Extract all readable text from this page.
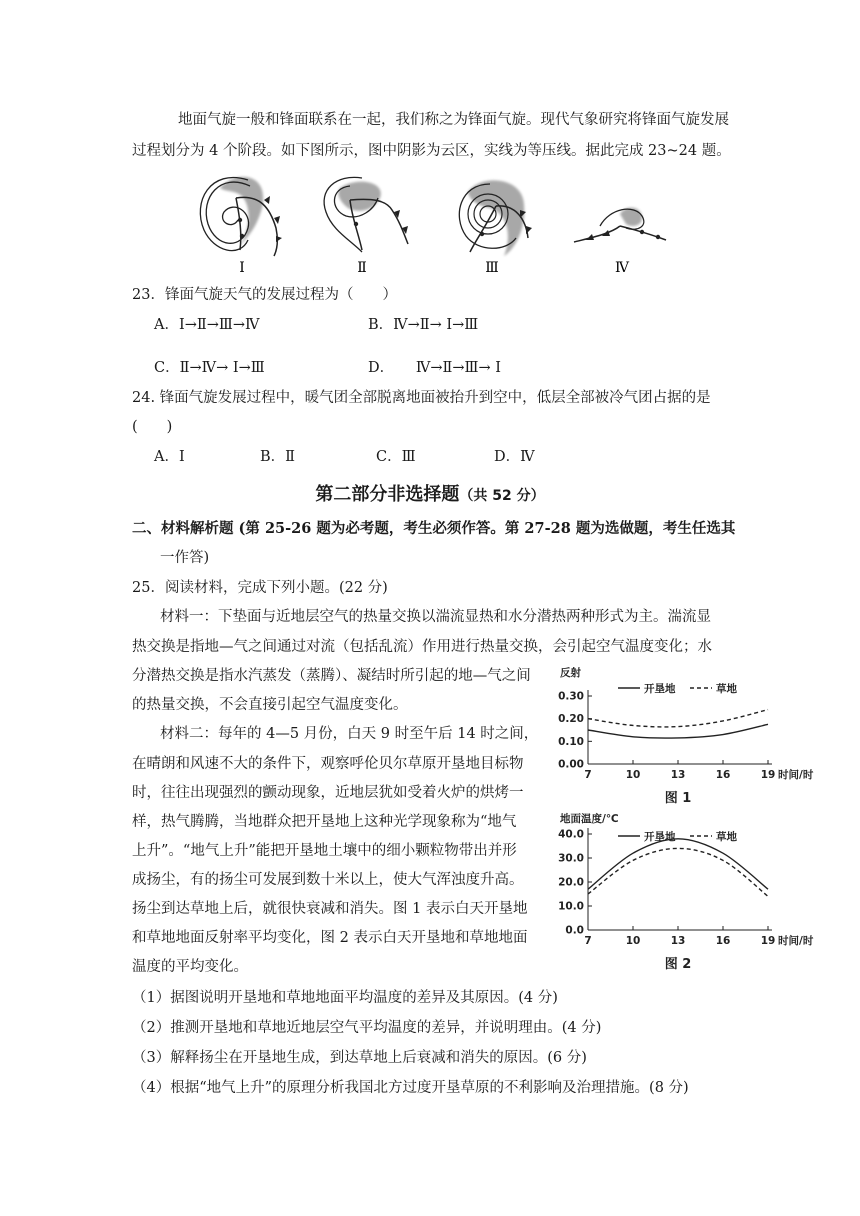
地面气旋一般和锋面联系在一起，我们称之为锋面气旋。现代气象研究将锋面气旋发展
过程划分为 4 个阶段。如下图所示，图中阴影为云区，实线为等压线。据此完成 23~24 题。
Ⅰ	Ⅱ	Ⅲ	Ⅳ
23．锋面气旋天气的发展过程为（　　）
A．Ⅰ→Ⅱ→Ⅲ→Ⅳ	B．Ⅳ→Ⅱ→ Ⅰ→Ⅲ
C．Ⅱ→Ⅳ→ Ⅰ→Ⅲ	D．　　Ⅳ→Ⅱ→Ⅲ→ Ⅰ
24. 锋面气旋发展过程中，暖气团全部脱离地面被抬升到空中，低层全部被冷气团占据的是
(　　)
A．Ⅰ	B．Ⅱ	C．Ⅲ	D．Ⅳ
第二部分非选择题（共 52 分）
二、材料解析题 (第 25-26 题为必考题，考生必须作答。第 27-28 题为选做题，考生任选其
一作答)
25．阅读材料，完成下列小题。(22 分)
材料一：下垫面与近地层空气的热量交换以湍流显热和水分潜热两种形式为主。湍流显
热交换是指地—气之间通过对流（包括乱流）作用进行热量交换，会引起空气温度变化；水
分潜热交换是指水汽蒸发（蒸腾）、凝结时所引起的地—气之间
的热量交换，不会直接引起空气温度变化。
材料二：每年的 4—5 月份，白天 9 时至午后 14 时之间，
在晴朗和风速不大的条件下，观察呼伦贝尔草原开垦地目标物
时，往往出现强烈的颤动现象，近地层犹如受着火炉的烘烤一
样，热气腾腾，当地群众把开垦地上这种光学现象称为“地气
上升”。“地气上升”能把开垦地土壤中的细小颗粒物带出并形
成扬尘，有的扬尘可发展到数十米以上，使大气浑浊度升高。
扬尘到达草地上后，就很快衰减和消失。图 1 表示白天开垦地
和草地地面反射率平均变化，图 2 表示白天开垦地和草地地面
温度的平均变化。
（1）据图说明开垦地和草地地面平均温度的差异及其原因。(4 分)
（2）推测开垦地和草地近地层空气平均温度的差异，并说明理由。(4 分)
（3）解释扬尘在开垦地生成，到达草地上后衰减和消失的原因。(6 分)
（4）根据“地气上升”的原理分析我国北方过度开垦草原的不利影响及治理措施。(8 分)
反射
0.00
0.10
0.20
0.30
7	10	13	16	19 时间/时
开垦地	草地
图 1
地面温度/℃
0.0
10.0
20.0
30.0
40.0
7	10	13	16	19 时间/时
开垦地	草地
图 2
